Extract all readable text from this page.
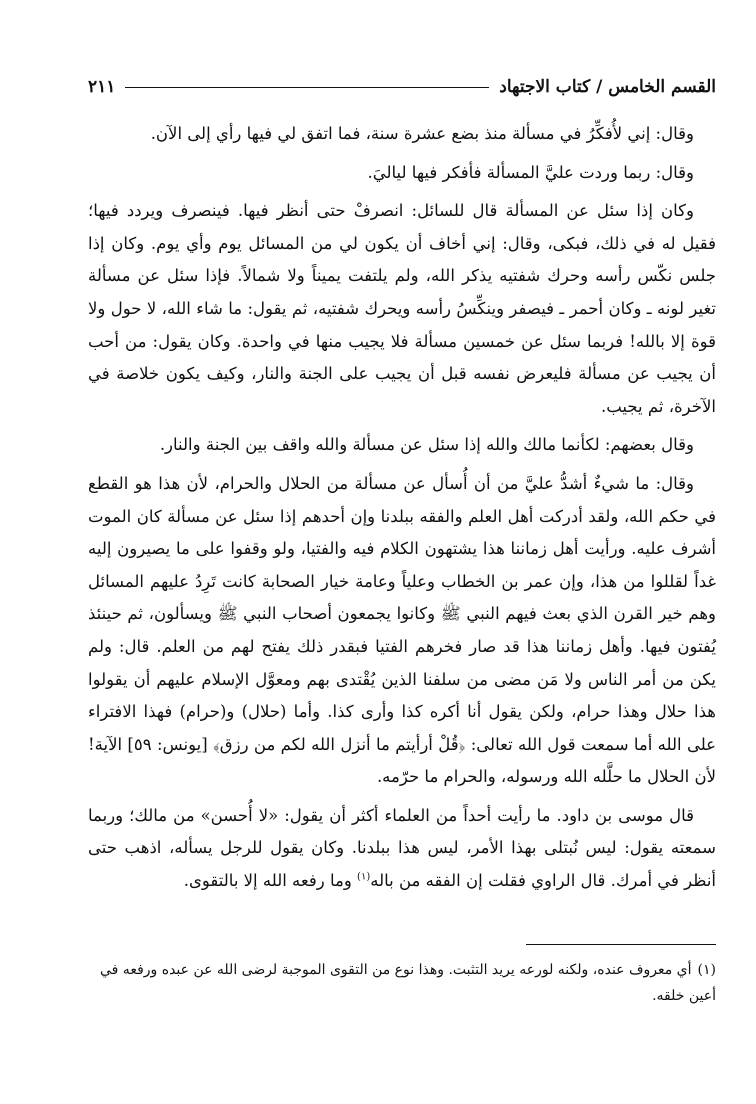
القسم الخامس / كتاب الاجتهاد
٢١١

وقال: إني لأُفكِّرُ في مسألة منذ بضع عشرة سنة، فما اتفق لي فيها رأي إلى الآن.

وقال: ربما وردت عليَّ المسألة فأفكر فيها لياليَ.

وكان إذا سئل عن المسألة قال للسائل: انصرفْ حتى أنظر فيها. فينصرف ويردد فيها؛ فقيل له في ذلك، فبكى، وقال: إني أخاف أن يكون لي من المسائل يوم وأي يوم. وكان إذا جلس نكّس رأسه وحرك شفتيه يذكر الله، ولم يلتفت يميناً ولا شمالاً. فإذا سئل عن مسألة تغير لونه ـ وكان أحمر ـ فيصفر وينكِّسُ رأسه ويحرك شفتيه، ثم يقول: ما شاء الله، لا حول ولا قوة إلا بالله! فربما سئل عن خمسين مسألة فلا يجيب منها في واحدة. وكان يقول: من أحب أن يجيب عن مسألة فليعرض نفسه قبل أن يجيب على الجنة والنار، وكيف يكون خلاصة في الآخرة، ثم يجيب.

وقال بعضهم: لكأنما مالك والله إذا سئل عن مسألة والله واقف بين الجنة والنار.

وقال: ما شيءٌ أشدُّ عليَّ من أن أُسأل عن مسألة من الحلال والحرام، لأن هذا هو القطع في حكم الله، ولقد أدركت أهل العلم والفقه ببلدنا وإن أحدهم إذا سئل عن مسألة كان الموت أشرف عليه. ورأيت أهل زماننا هذا يشتهون الكلام فيه والفتيا، ولو وقفوا على ما يصيرون إليه غداً لقللوا من هذا، وإن عمر بن الخطاب وعلياً وعامة خيار الصحابة كانت تَرِدُ عليهم المسائل وهم خير القرن الذي بعث فيهم النبي ﷺ وكانوا يجمعون أصحاب النبي ﷺ ويسألون، ثم حينئذ يُفتون فيها. وأهل زماننا هذا قد صار فخرهم الفتيا فبقدر ذلك يفتح لهم من العلم. قال: ولم يكن من أمر الناس ولا مَن مضى من سلفنا الذين يُقْتدى بهم ومعوَّل الإسلام عليهم أن يقولوا هذا حلال وهذا حرام، ولكن يقول أنا أكره كذا وأرى كذا. وأما (حلال) و(حرام) فهذا الافتراء على الله أما سمعت قول الله تعالى: ﴿قُلْ أرأيتم ما أنزل الله لكم من رزق﴾ [يونس: ٥٩] الآية! لأن الحلال ما حلَّله الله ورسوله، والحرام ما حرّمه.

قال موسى بن داود. ما رأيت أحداً من العلماء أكثر أن يقول: «لا أُحسن» من مالك؛ وربما سمعته يقول: ليس نُبتلى بهذا الأمر، ليس هذا ببلدنا. وكان يقول للرجل يسأله، اذهب حتى أنظر في أمرك. قال الراوي فقلت إن الفقه من باله$^{(١)}$ وما رفعه الله إلا بالتقوى.

(١)أي معروف عنده، ولكنه لورعه يريد التثبت. وهذا نوع من التقوى الموجبة لرضى الله عن عبده ورفعه في أعين خلقه.
